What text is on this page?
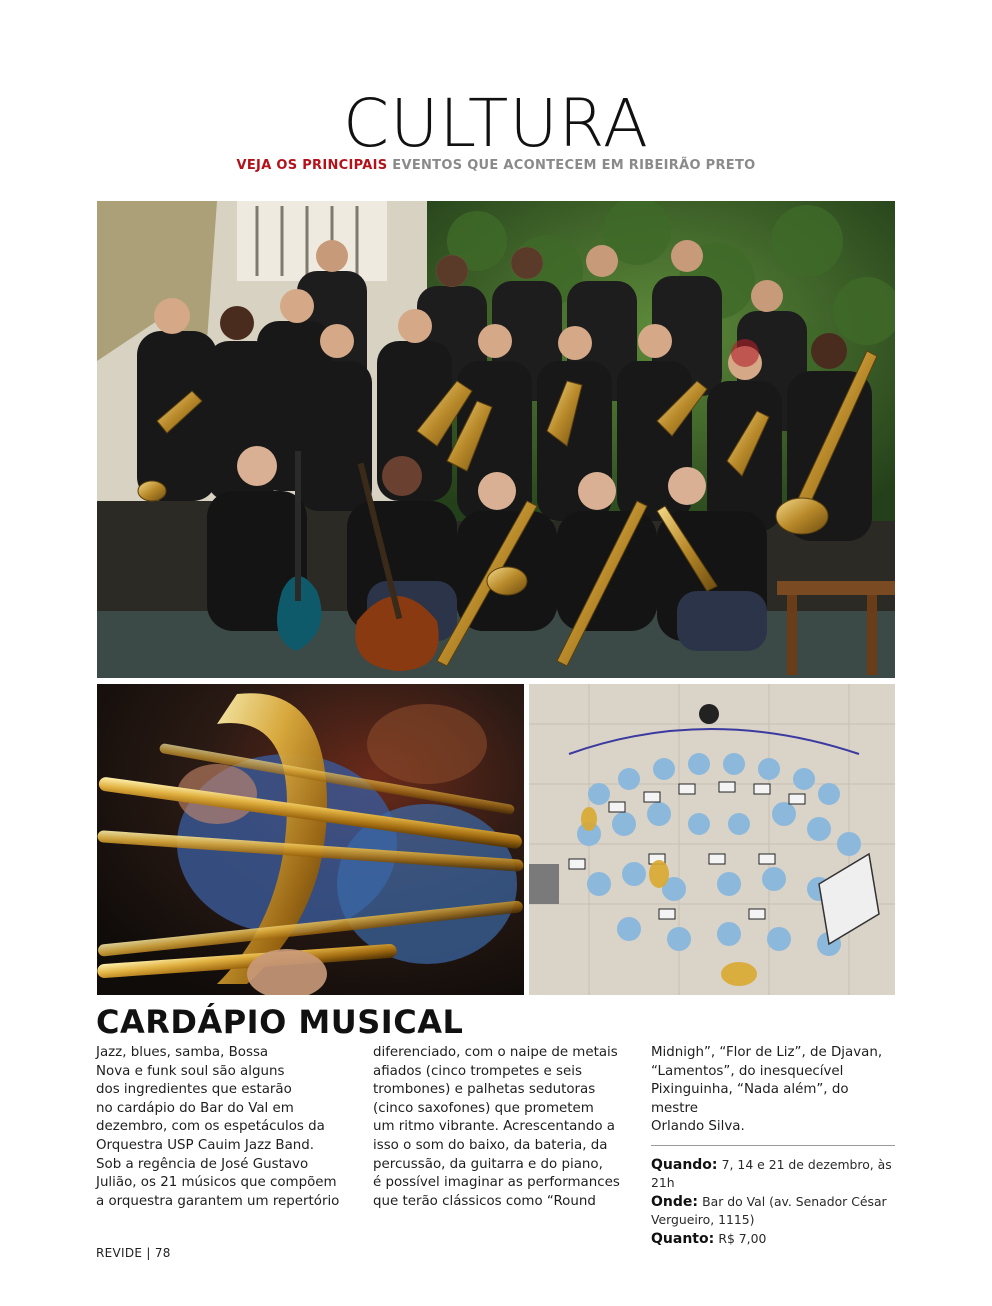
CULTURA
VEJA OS PRINCIPAIS EVENTOS QUE ACONTECEM EM RIBEIRÃO PRETO
CARDÁPIO MUSICAL

Jazz, blues, samba, Bossa

Nova e funk soul são alguns

dos ingredientes que estarão

no cardápio do Bar do Val em

dezembro, com os espetáculos da

Orquestra USP Cauim Jazz Band.

Sob a regência de José Gustavo

Julião, os 21 músicos que compõem

a orquestra garantem um repertório

diferenciado, com o naipe de metais

afiados (cinco trompetes e seis

trombones) e palhetas sedutoras

(cinco saxofones) que prometem

um ritmo vibrante. Acrescentando a

isso o som do baixo, da bateria, da

percussão, da guitarra e do piano,

é possível imaginar as performances

que terão clássicos como “Round

Midnigh”, “Flor de Liz”, de Djavan,

“Lamentos”, do inesquecível

Pixinguinha, “Nada além”, do mestre

Orlando Silva.

Quando: 7, 14 e 21 de dezembro, às 21h
Onde: Bar do Val (av. Senador César
Vergueiro, 1115)
Quanto: R$ 7,00
REVIDE | 78
